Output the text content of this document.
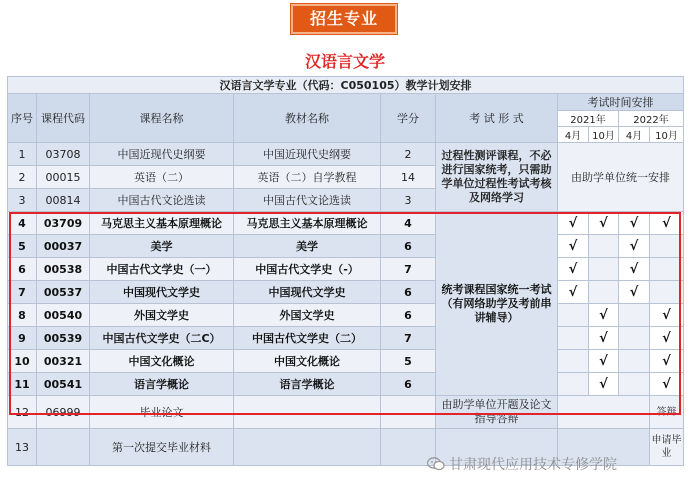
招生专业
汉语言文学
汉语言文学专业（代码：C050105）教学计划安排									
序号	课程代码	课程名称	教材名称	学分	考 试 形 式	考试时间安排			
						2021年		2022年	
						4月	10月	4月	10月
1	03708	中国近现代史纲要	中国近现代史纲要	2	过程性测评课程，不必进行国家统考，只需助学单位过程性考试考核及网络学习	由助学单位统一安排			
2	00015	英语（二）	英语（二）自学教程	14					
3	00814	中国古代文论选读	中国古代文论选读	3					
4	03709	马克思主义基本原理概论	马克思主义基本原理概论	4	统考课程国家统一考试（有网络助学及考前串讲辅导）	√	√	√	√
5	00037	美学	美学	6		√		√	
6	00538	中国古代文学史（一）	中国古代文学史（-）	7		√		√	
7	00537	中国现代文学史	中国现代文学史	6		√		√	
8	00540	外国文学史	外国文学史	6			√		√
9	00539	中国古代文学史（二C）	中国古代文学史（二）	7			√		√
10	00321	中国文化概论	中国文化概论	5			√		√
11	00541	语言学概论	语言学概论	6			√		√
12	06999	毕业论文			由助学单位开题及论文指导答辩				答辩
13		第一次提交毕业材料							申请毕业
甘肃现代应用技术专修学院
